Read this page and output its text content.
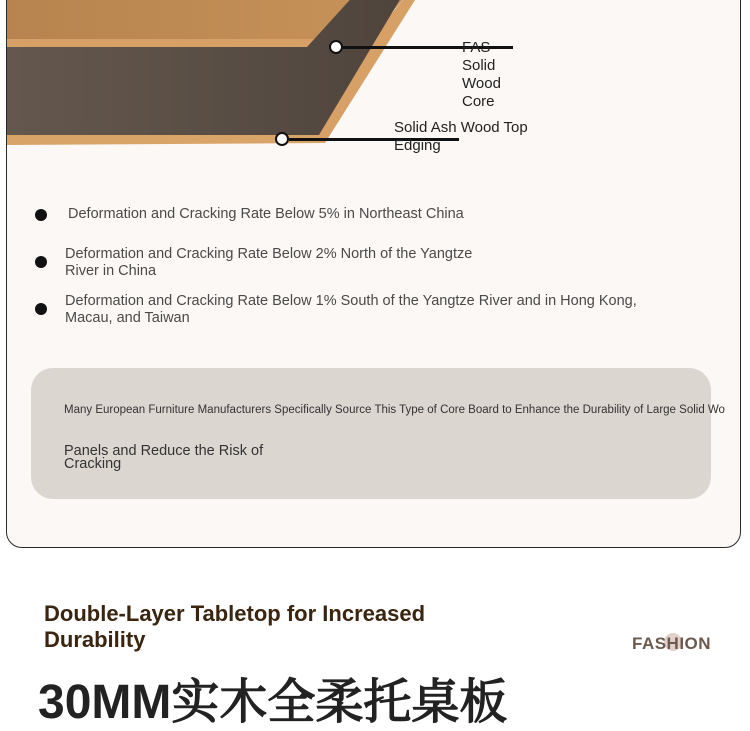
FAS Solid Wood Core
Solid Ash Wood Top Edging
Deformation and Cracking Rate Below 5% in Northeast China
Deformation and Cracking Rate Below 2% North of the Yangtze River in China
Deformation and Cracking Rate Below 1% South of the Yangtze River and in Hong Kong, Macau, and Taiwan
Many European Furniture Manufacturers Specifically Source This Type of Core Board to Enhance the Durability of Large Solid Wo
Panels and Reduce the Risk of Cracking
Double-Layer Tabletop for Increased Durability	FASHION
30MM实木全柔托桌板
